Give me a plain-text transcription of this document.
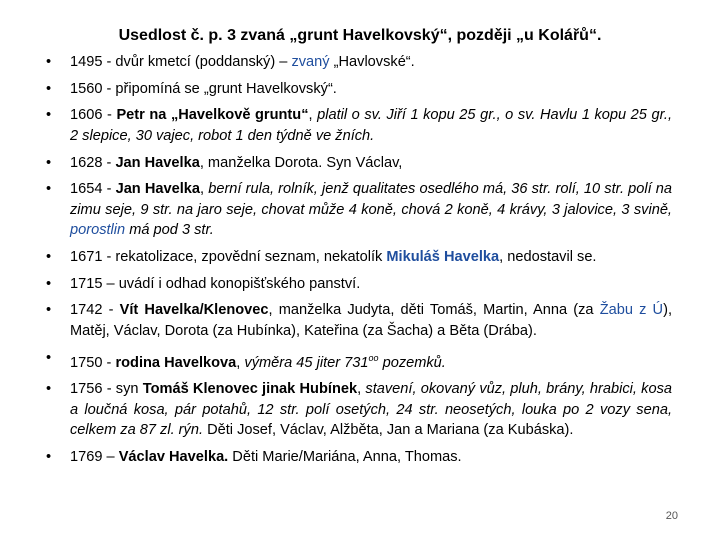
Usedlost č. p. 3 zvaná „grunt Havelkovský“, později „u Kolářů“.
• 1495 - dvůr kmetcí (poddanský) – zvaný „Havlovské“.
• 1560 - připomíná se „grunt Havelkovský“.
• 1606 - Petr na „Havelkově gruntu“, platil o sv. Jiří 1 kopu 25 gr., o sv. Havlu 1 kopu 25 gr., 2 slepice, 30 vajec, robot 1 den týdně ve žních.
• 1628 - Jan Havelka, manželka Dorota. Syn Václav,
• 1654 - Jan Havelka, berní rula, rolník, jenž qualitates osedlého má, 36 str. rolí, 10 str. polí na zimu seje, 9 str. na jaro seje, chovat může 4 koně, chová 2 koně, 4 krávy, 3 jalovice, 3 svině, porostlin má pod 3 str.
• 1671 - rekatolizace, zpovědní seznam, nekatolík Mikuláš Havelka, nedostavil se.
• 1715 – uvádí i odhad konopišťského panství.
• 1742 - Vít Havelka/Klenovec, manželka Judyta, děti Tomáš, Martin, Anna (za Žabu z Ú), Matěj, Václav, Dorota (za Hubínka), Kateřina (za Šacha) a Běta (Drába).
• 1750 - rodina Havelkova, výměra 45 jiter $731^{oo}$ pozemků.
• 1756 - syn Tomáš Klenovec jinak Hubínek, stavení, okovaný vůz, pluh, brány, hrabici, kosa a loučná kosa, pár potahů, 12 str. polí osetých, 24 str. neosetých, louka po 2 vozy sena, celkem za 87 zl. rýn. Děti Josef, Václav, Alžběta, Jan a Mariana (za Kubáska).
• 1769 – Václav Havelka. Děti Marie/Mariána, Anna, Thomas.
20
